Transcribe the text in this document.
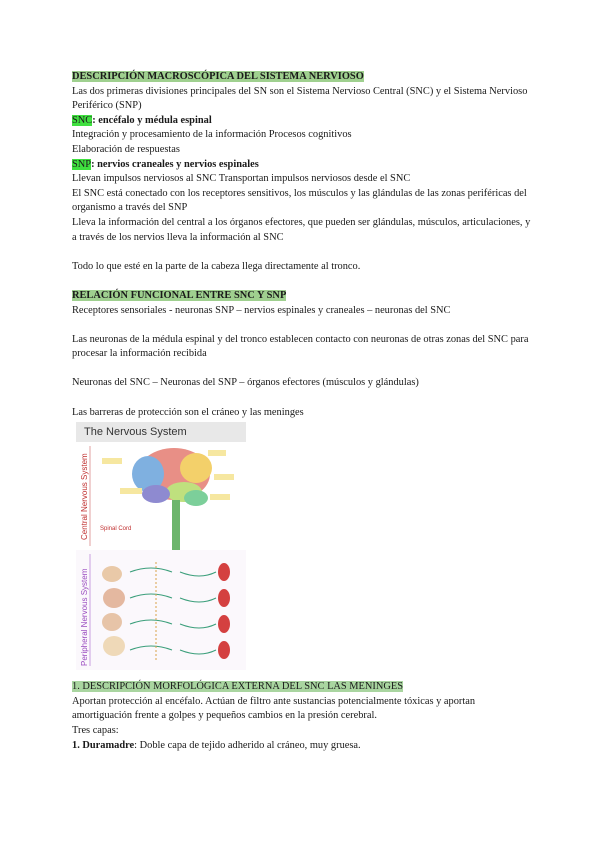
DESCRIPCIÓN MACROSCÓPICA DEL SISTEMA NERVIOSO

Las dos primeras divisiones principales del SN son el Sistema Nervioso Central (SNC) y el Sistema Nervioso Periférico (SNP)

SNC: encéfalo y médula espinal

Integración y procesamiento de la información Procesos cognitivos

Elaboración de respuestas

SNP: nervios craneales y nervios espinales

Llevan impulsos nerviosos al SNC Transportan impulsos nerviosos desde el SNC

El SNC está conectado con los receptores sensitivos, los músculos y las glándulas de las zonas periféricas del organismo a través del SNP

Lleva la información del central a los órganos efectores, que pueden ser glándulas, músculos, articulaciones, y a través de los nervios lleva la información al SNC

Todo lo que esté en la parte de la cabeza llega directamente al tronco.

RELACIÓN FUNCIONAL ENTRE SNC Y SNP

Receptores sensoriales - neuronas SNP – nervios espinales y craneales – neuronas del SNC

Las neuronas de la médula espinal y del tronco establecen contacto con neuronas de otras zonas del SNC para procesar la información recibida

Neuronas del SNC – Neuronas del SNP – órganos efectores (músculos y glándulas)

Las barreras de protección son el cráneo y las meninges

The Nervous System
Spinal Cord
Central Nervous System
Peripheral Nervous System

1. DESCRIPCIÓN MORFOLÓGICA EXTERNA DEL SNC LAS MENINGES

Aportan protección al encéfalo. Actúan de filtro ante sustancias potencialmente tóxicas y aportan amortiguación frente a golpes y pequeños cambios en la presión cerebral.

Tres capas:

1. Duramadre: Doble capa de tejido adherido al cráneo, muy gruesa.
